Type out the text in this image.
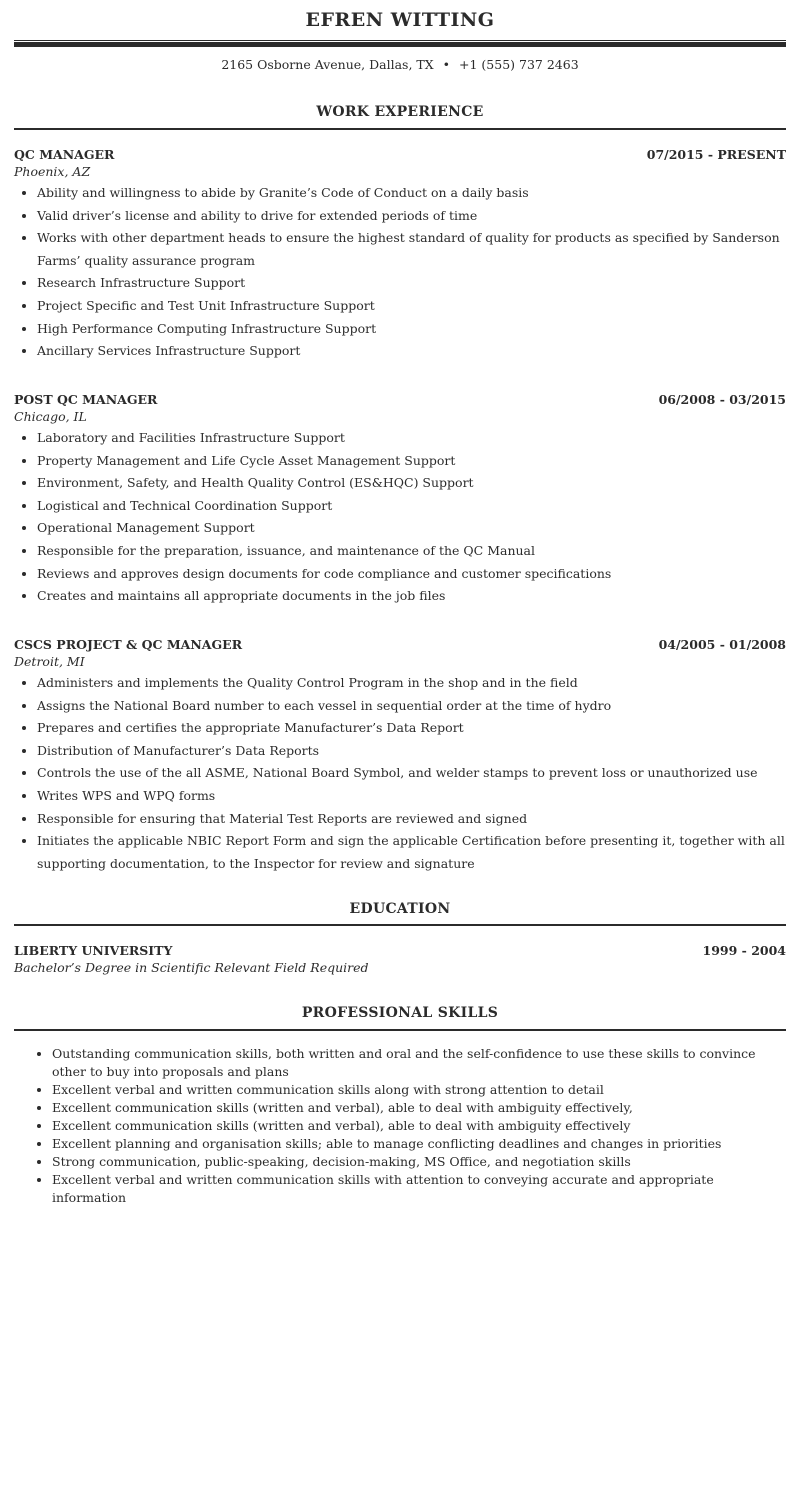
EFREN WITTING
2165 Osborne Avenue, Dallas, TX • +1 (555) 737 2463
WORK EXPERIENCE
QC MANAGER	07/2015 - PRESENT
Phoenix, AZ
• Ability and willingness to abide by Granite’s Code of Conduct on a daily basis
• Valid driver’s license and ability to drive for extended periods of time
• Works with other department heads to ensure the highest standard of quality for products as specified by Sanderson Farms’ quality assurance program
• Research Infrastructure Support
• Project Specific and Test Unit Infrastructure Support
• High Performance Computing Infrastructure Support
• Ancillary Services Infrastructure Support
POST QC MANAGER	06/2008 - 03/2015
Chicago, IL
• Laboratory and Facilities Infrastructure Support
• Property Management and Life Cycle Asset Management Support
• Environment, Safety, and Health Quality Control (ES&HQC) Support
• Logistical and Technical Coordination Support
• Operational Management Support
• Responsible for the preparation, issuance, and maintenance of the QC Manual
• Reviews and approves design documents for code compliance and customer specifications
• Creates and maintains all appropriate documents in the job files
CSCS PROJECT & QC MANAGER	04/2005 - 01/2008
Detroit, MI
• Administers and implements the Quality Control Program in the shop and in the field
• Assigns the National Board number to each vessel in sequential order at the time of hydro
• Prepares and certifies the appropriate Manufacturer’s Data Report
• Distribution of Manufacturer’s Data Reports
• Controls the use of the all ASME, National Board Symbol, and welder stamps to prevent loss or unauthorized use
• Writes WPS and WPQ forms
• Responsible for ensuring that Material Test Reports are reviewed and signed
• Initiates the applicable NBIC Report Form and sign the applicable Certification before presenting it, together with all supporting documentation, to the Inspector for review and signature
EDUCATION
LIBERTY UNIVERSITY	1999 - 2004
Bachelor’s Degree in Scientific Relevant Field Required
PROFESSIONAL SKILLS
• Outstanding communication skills, both written and oral and the self-confidence to use these skills to convince other to buy into proposals and plans
• Excellent verbal and written communication skills along with strong attention to detail
• Excellent communication skills (written and verbal), able to deal with ambiguity effectively,
• Excellent communication skills (written and verbal), able to deal with ambiguity effectively
• Excellent planning and organisation skills; able to manage conflicting deadlines and changes in priorities
• Strong communication, public-speaking, decision-making, MS Office, and negotiation skills
• Excellent verbal and written communication skills with attention to conveying accurate and appropriate information
